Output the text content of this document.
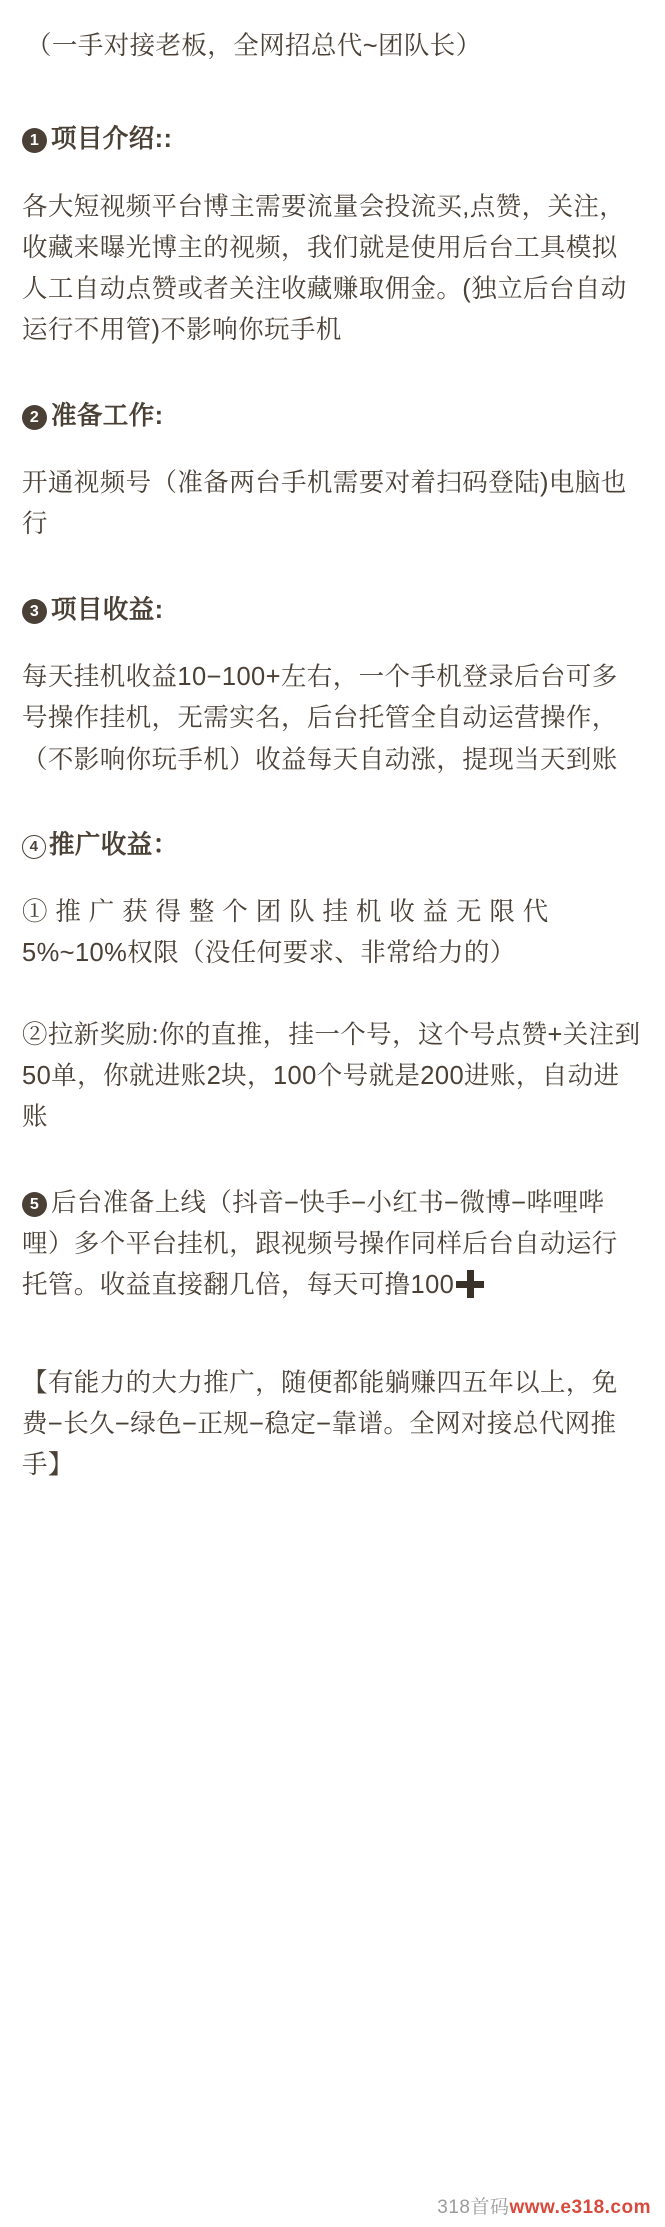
（一手对接老板，全网招总代~团队长）

1 项目介绍::

各大短视频平台博主需要流量会投流买,点赞，关注，收藏来曝光博主的视频，我们就是使用后台工具模拟人工自动点赞或者关注收藏赚取佣金。(独立后台自动运行不用管)不影响你玩手机

2 准备工作:

开通视频号（准备两台手机需要对着扫码登陆)电脑也行

3 项目收益:

每天挂机收益10−100+左右，一个手机登录后台可多号操作挂机，无需实名，后台托管全自动运营操作，（不影响你玩手机）收益每天自动涨，提现当天到账

4 推广收益：

① 推 广 获 得 整 个 团 队 挂 机 收 益 无 限 代5%~10%权限（没任何要求、非常给力的）

②拉新奖励:你的直推，挂一个号，这个号点赞+关注到50单，你就进账2块，100个号就是200进账，自动进账

5 后台准备上线（抖音−快手−小红书−微博−哔哩哔哩）多个平台挂机，跟视频号操作同样后台自动运行托管。收益直接翻几倍，每天可撸100

【有能力的大力推广，随便都能躺赚四五年以上，免费−长久−绿色−正规−稳定−靠谱。全网对接总代网推手】

318首码www.e318.com
